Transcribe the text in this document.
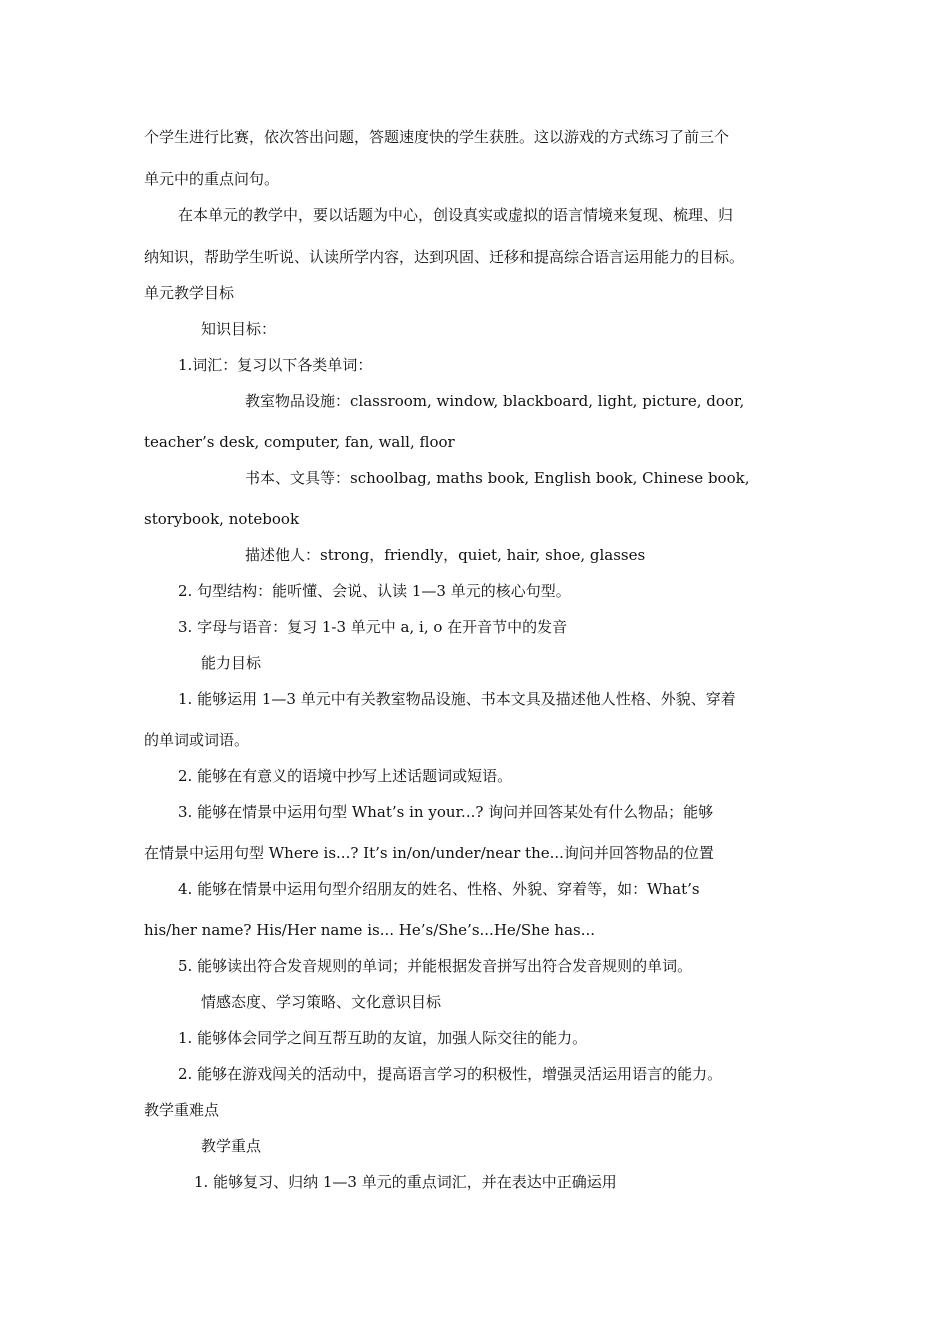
个学生进行比赛，依次答出问题，答题速度快的学生获胜。这以游戏的方式练习了前三个
单元中的重点问句。
在本单元的教学中，要以话题为中心，创设真实或虚拟的语言情境来复现、梳理、归
纳知识，帮助学生听说、认读所学内容，达到巩固、迁移和提高综合语言运用能力的目标。
单元教学目标
知识目标：
1.词汇：复习以下各类单词：
教室物品设施：classroom, window, blackboard, light, picture, door,
teacher’s desk, computer, fan, wall, floor
书本、文具等：schoolbag, maths book, English book, Chinese book,
storybook, notebook
描述他人：strong，friendly，quiet, hair, shoe, glasses
2. 句型结构：能听懂、会说、认读 1—3 单元的核心句型。
3. 字母与语音：复习 1-3 单元中 a, i, o 在开音节中的发音
能力目标
1. 能够运用 1—3 单元中有关教室物品设施、书本文具及描述他人性格、外貌、穿着
的单词或词语。
2. 能够在有意义的语境中抄写上述话题词或短语。
3. 能够在情景中运用句型 What’s in your...? 询问并回答某处有什么物品；能够
在情景中运用句型 Where is...? It’s in/on/under/near the...询问并回答物品的位置
4. 能够在情景中运用句型介绍朋友的姓名、性格、外貌、穿着等，如：What’s
his/her name? His/Her name is... He’s/She’s...He/She has...
5. 能够读出符合发音规则的单词；并能根据发音拼写出符合发音规则的单词。
情感态度、学习策略、文化意识目标
1. 能够体会同学之间互帮互助的友谊，加强人际交往的能力。
2. 能够在游戏闯关的活动中，提高语言学习的积极性，增强灵活运用语言的能力。
教学重难点
教学重点
1. 能够复习、归纳 1—3 单元的重点词汇，并在表达中正确运用
